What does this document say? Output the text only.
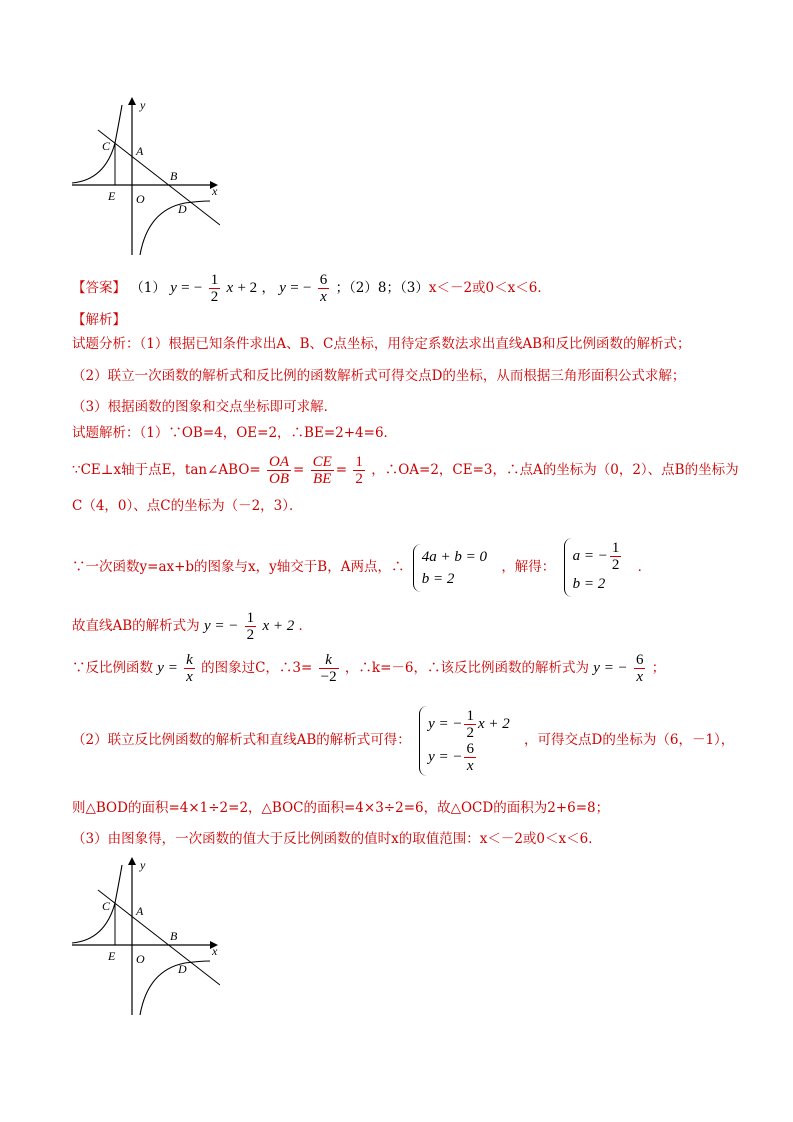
y
x
C A
B
E O
D
【答案】 （1） y = − $\frac{1}{2}$ x + 2 ， y = − $\frac{6}{x}$ ；（2）8；（3）x＜－2或0＜x＜6．
【解析】
试题分析：（1）根据已知条件求出A、B、C点坐标，用待定系数法求出直线AB和反比例函数的解析式；
（2）联立一次函数的解析式和反比例的函数解析式可得交点D的坐标，从而根据三角形面积公式求解；
（3）根据函数的图象和交点坐标即可求解．
试题解析：（1）∵OB=4，OE=2，∴BE=2+4=6．
∵CE⊥x轴于点E，tan∠ABO= $\frac{OA}{OB} = \frac{CE}{BE} = \frac{1}{2}$ ，∴OA=2，CE=3，∴点A的坐标为（0，2）、点B的坐标为
C（4，0）、点C的坐标为（－2，3）．
∵一次函数y=ax+b的图象与x，y轴交于B，A两点，∴
4a + b = 0
b = 2
，解得：
a = − $\frac{1}{2}$
b = 2
．
故直线AB的解析式为 y = − $\frac{1}{2}$ x + 2 ．
∵反比例函数 $y = \frac{k}{x}$ 的图象过C，∴3= $\frac{k}{-2}$ ，∴k=－6，∴该反比例函数的解析式为 y = − $\frac{6}{x}$ ；
（2）联立反比例函数的解析式和直线AB的解析式可得：
y = − $\frac{1}{2}$ x + 2
y = − $\frac{6}{x}$
，可得交点D的坐标为（6，－1），
则△BOD的面积=4×1÷2=2，△BOC的面积=4×3÷2=6，故△OCD的面积为2+6=8；
（3）由图象得，一次函数的值大于反比例函数的值时x的取值范围：x＜－2或0＜x＜6．
y
x
C A
B
E O
D
